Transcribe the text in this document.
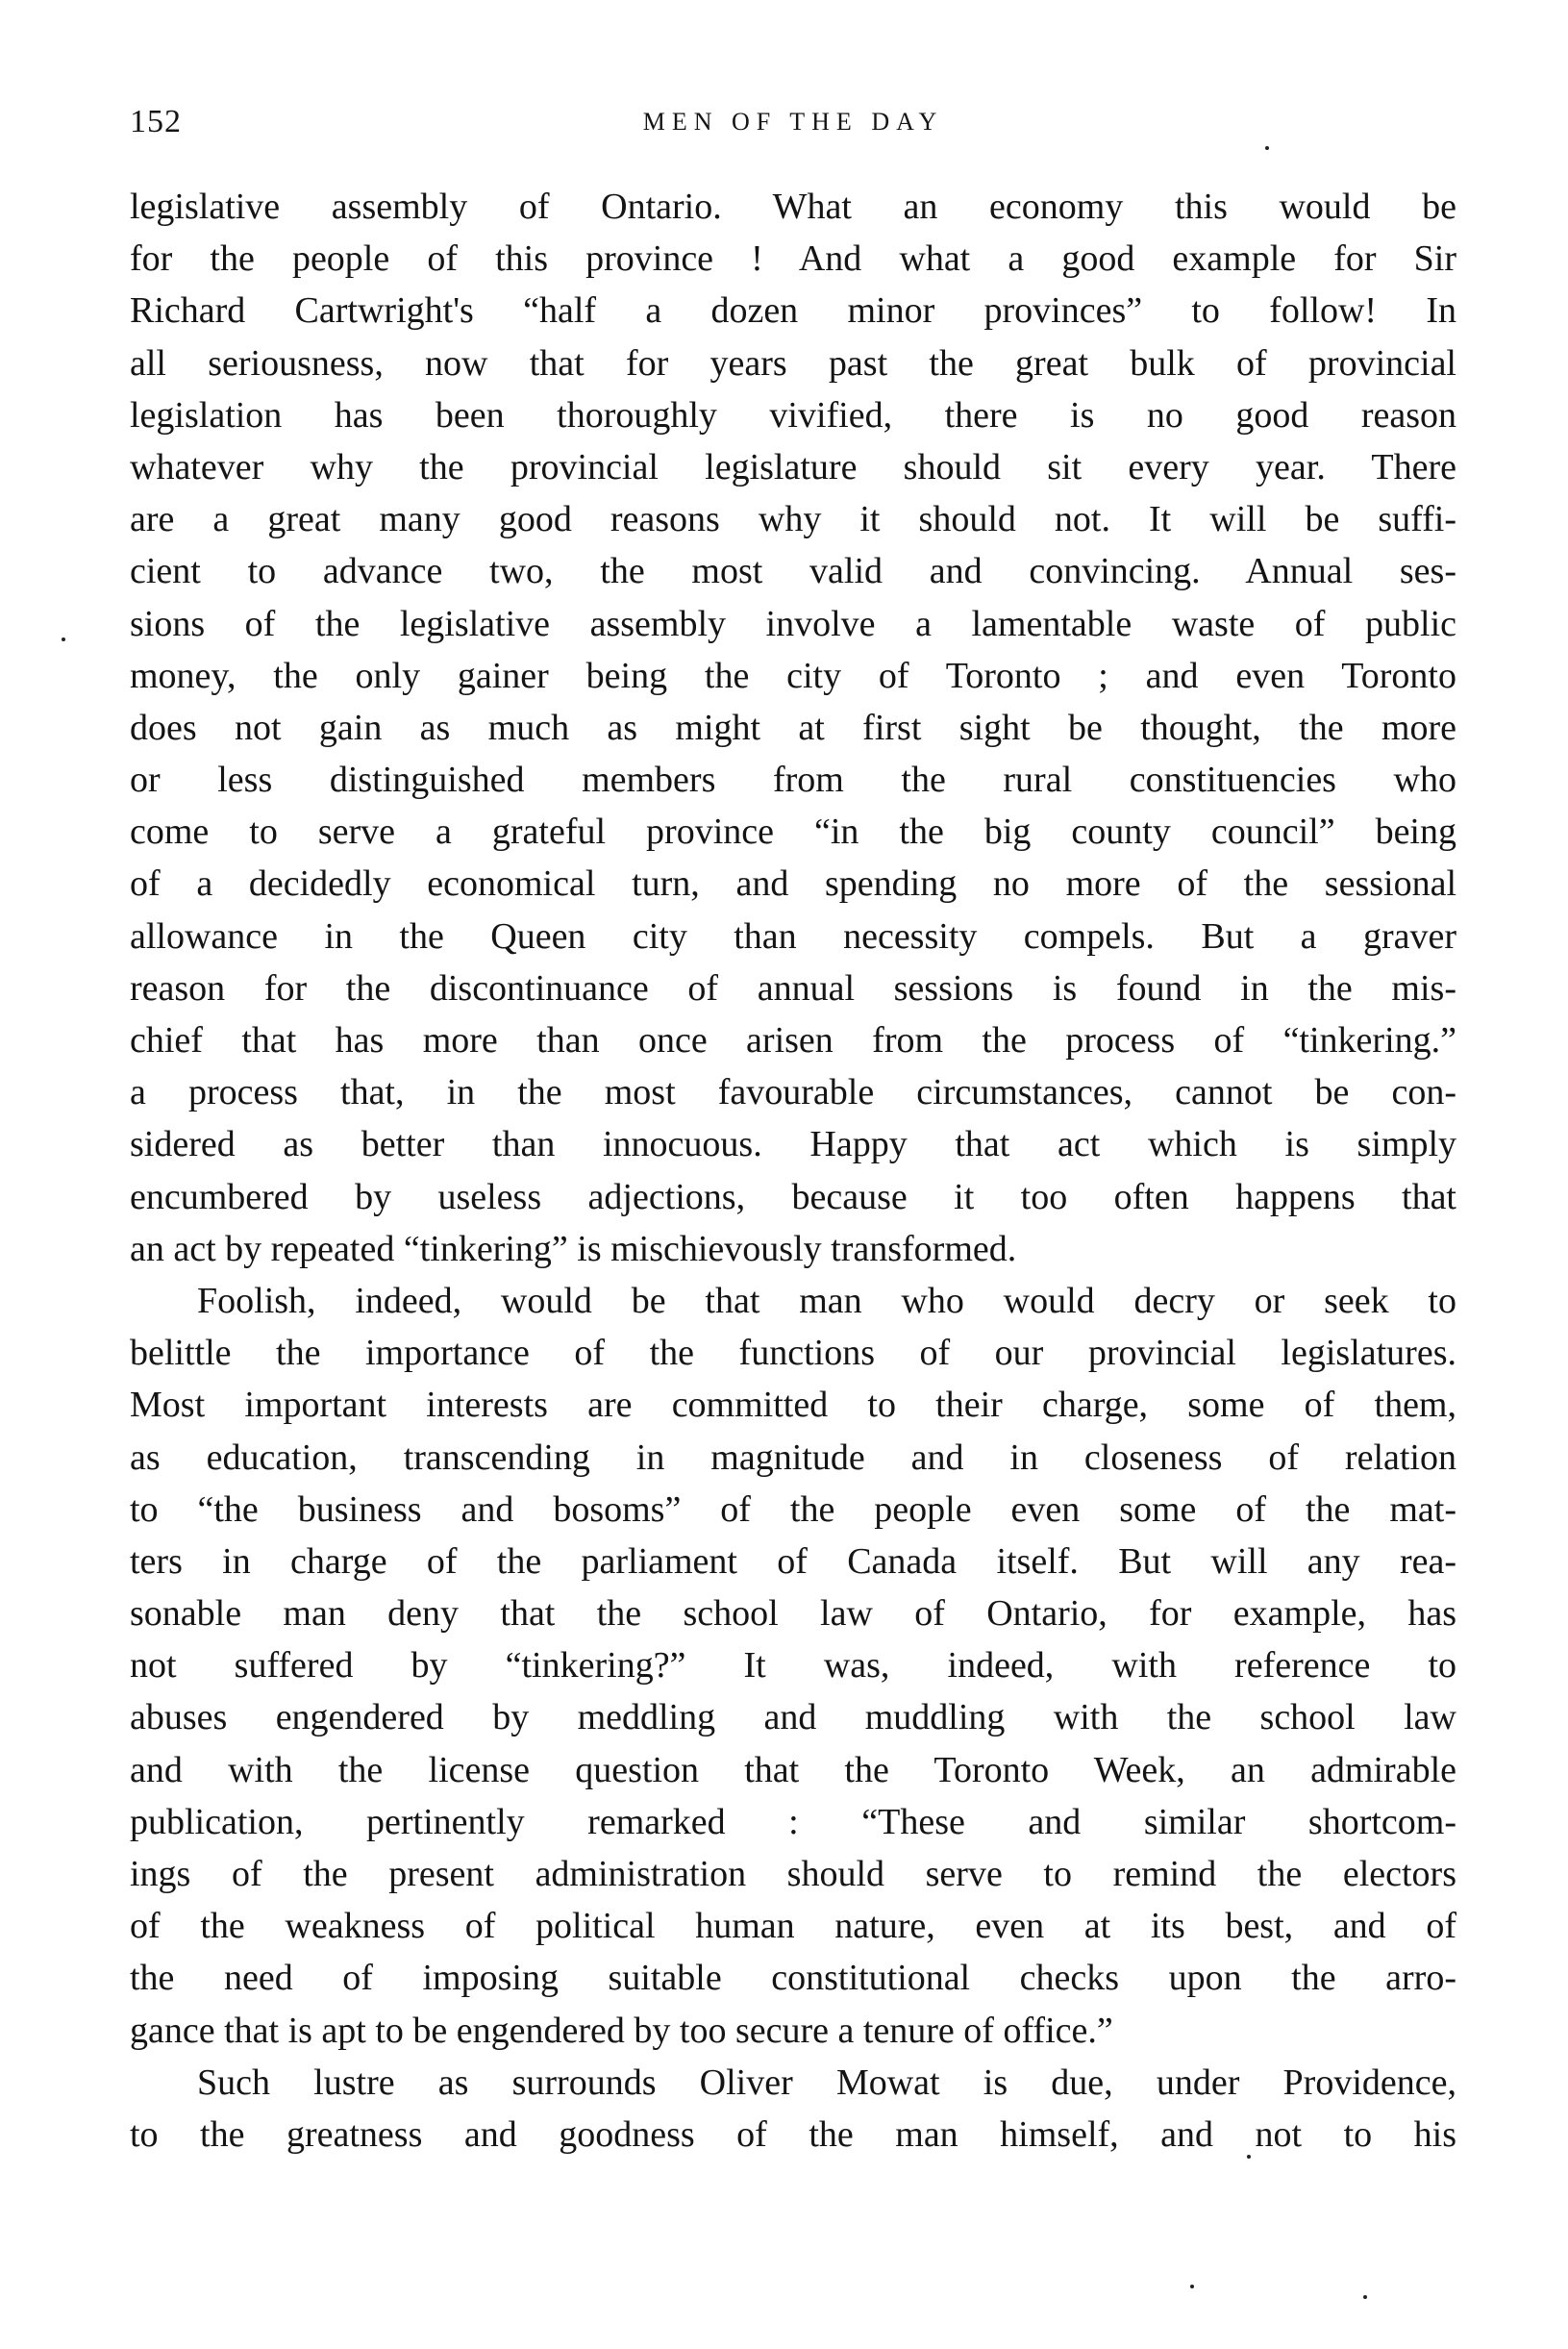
152	MEN OF THE DAY
legislative assembly of Ontario. What an economy this would be
for the people of this province ! And what a good example for Sir
Richard Cartwright's “half a dozen minor provinces” to follow! In
all seriousness, now that for years past the great bulk of provincial
legislation has been thoroughly vivified, there is no good reason
whatever why the provincial legislature should sit every year. There
are a great many good reasons why it should not. It will be suffi-
cient to advance two, the most valid and convincing. Annual ses-
sions of the legislative assembly involve a lamentable waste of public
money, the only gainer being the city of Toronto ; and even Toronto
does not gain as much as might at first sight be thought, the more
or less distinguished members from the rural constituencies who
come to serve a grateful province “in the big county council” being
of a decidedly economical turn, and spending no more of the sessional
allowance in the Queen city than necessity compels. But a graver
reason for the discontinuance of annual sessions is found in the mis-
chief that has more than once arisen from the process of “tinkering.”
a process that, in the most favourable circumstances, cannot be con-
sidered as better than innocuous. Happy that act which is simply
encumbered by useless adjections, because it too often happens that
an act by repeated “tinkering” is mischievously transformed.
Foolish, indeed, would be that man who would decry or seek to
belittle the importance of the functions of our provincial legislatures.
Most important interests are committed to their charge, some of them,
as education, transcending in magnitude and in closeness of relation
to “the business and bosoms” of the people even some of the mat-
ters in charge of the parliament of Canada itself. But will any rea-
sonable man deny that the school law of Ontario, for example, has
not suffered by “tinkering?” It was, indeed, with reference to
abuses engendered by meddling and muddling with the school law
and with the license question that the Toronto Week, an admirable
publication, pertinently remarked : “These and similar shortcom-
ings of the present administration should serve to remind the electors
of the weakness of political human nature, even at its best, and of
the need of imposing suitable constitutional checks upon the arro-
gance that is apt to be engendered by too secure a tenure of office.”
Such lustre as surrounds Oliver Mowat is due, under Providence,
to the greatness and goodness of the man himself, and not to his
